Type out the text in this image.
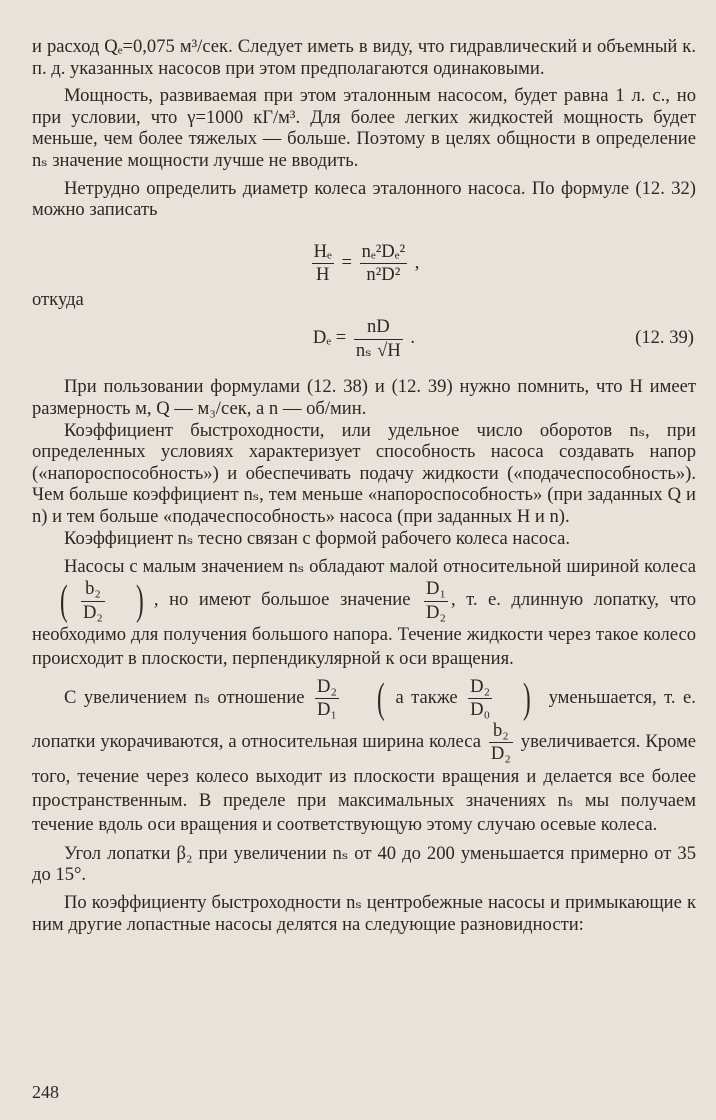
и расход Qₑ=0,075 м³/сек. Следует иметь в виду, что гидравлический и объемный к. п. д. указанных насосов при этом предполагаются одинаковыми.

Мощность, развиваемая при этом эталонным насосом, будет равна 1 л. с., но при условии, что γ=1000 кГ/м³. Для более легких жидкостей мощность будет меньше, чем более тяжелых — больше. Поэтому в целях общности в определение nₛ значение мощности лучше не вводить.

Нетрудно определить диаметр колеса эталонного насоса. По формуле (12. 32) можно записать

$\frac{\text{Hₑ}}{H} = \frac{\text{nₑ²Dₑ²}}{\text{n²D²}}$ ,

откуда

$D_e = \frac{nD}{\text{nₛ √H}}$ .	(12. 39)

При пользовании формулами (12. 38) и (12. 39) нужно помнить, что H имеет размерность м, Q — м₃/сек, а n — об/мин.

Коэффициент быстроходности, или удельное число оборотов nₛ, при определенных условиях характеризует способность насоса создавать напор («напороспособность») и обеспечивать подачу жидкости («подачеспособность»). Чем больше коэффициент nₛ, тем меньше «напороспособность» (при заданных Q и n) и тем больше «подачеспособность» насоса (при заданных H и n).

Коэффициент nₛ тесно связан с формой рабочего колеса насоса.

Насосы с малым значением nₛ обладают малой относительной шириной колеса ( $\frac{\text{b₂}}{\text{D₂}}$ ) , но имеют большое значение $\frac{\text{D₁}}{\text{D₂}}$ , т. е. длинную лопатку, что необходимо для получения большого напора. Течение жидкости через такое колесо происходит в плоскости, перпендикулярной к оси вращения.

С увеличением nₛ отношение $\frac{\text{D₂}}{\text{D₁}}$ ( а также $\frac{\text{D₂}}{\text{D₀}}$ ) уменьшается, т. е. лопатки укорачиваются, а относительная ширина колеса $\frac{\text{b₂}}{\text{D₂}}$ увеличивается. Кроме того, течение через колесо выходит из плоскости вращения и делается все более пространственным. В пределе при максимальных значениях nₛ мы получаем течение вдоль оси вращения и соответствующую этому случаю осевые колеса.

Угол лопатки β₂ при увеличении nₛ от 40 до 200 уменьшается примерно от 35 до 15°.

По коэффициенту быстроходности nₛ центробежные насосы и примыкающие к ним другие лопастные насосы делятся на следующие разновидности:

248
